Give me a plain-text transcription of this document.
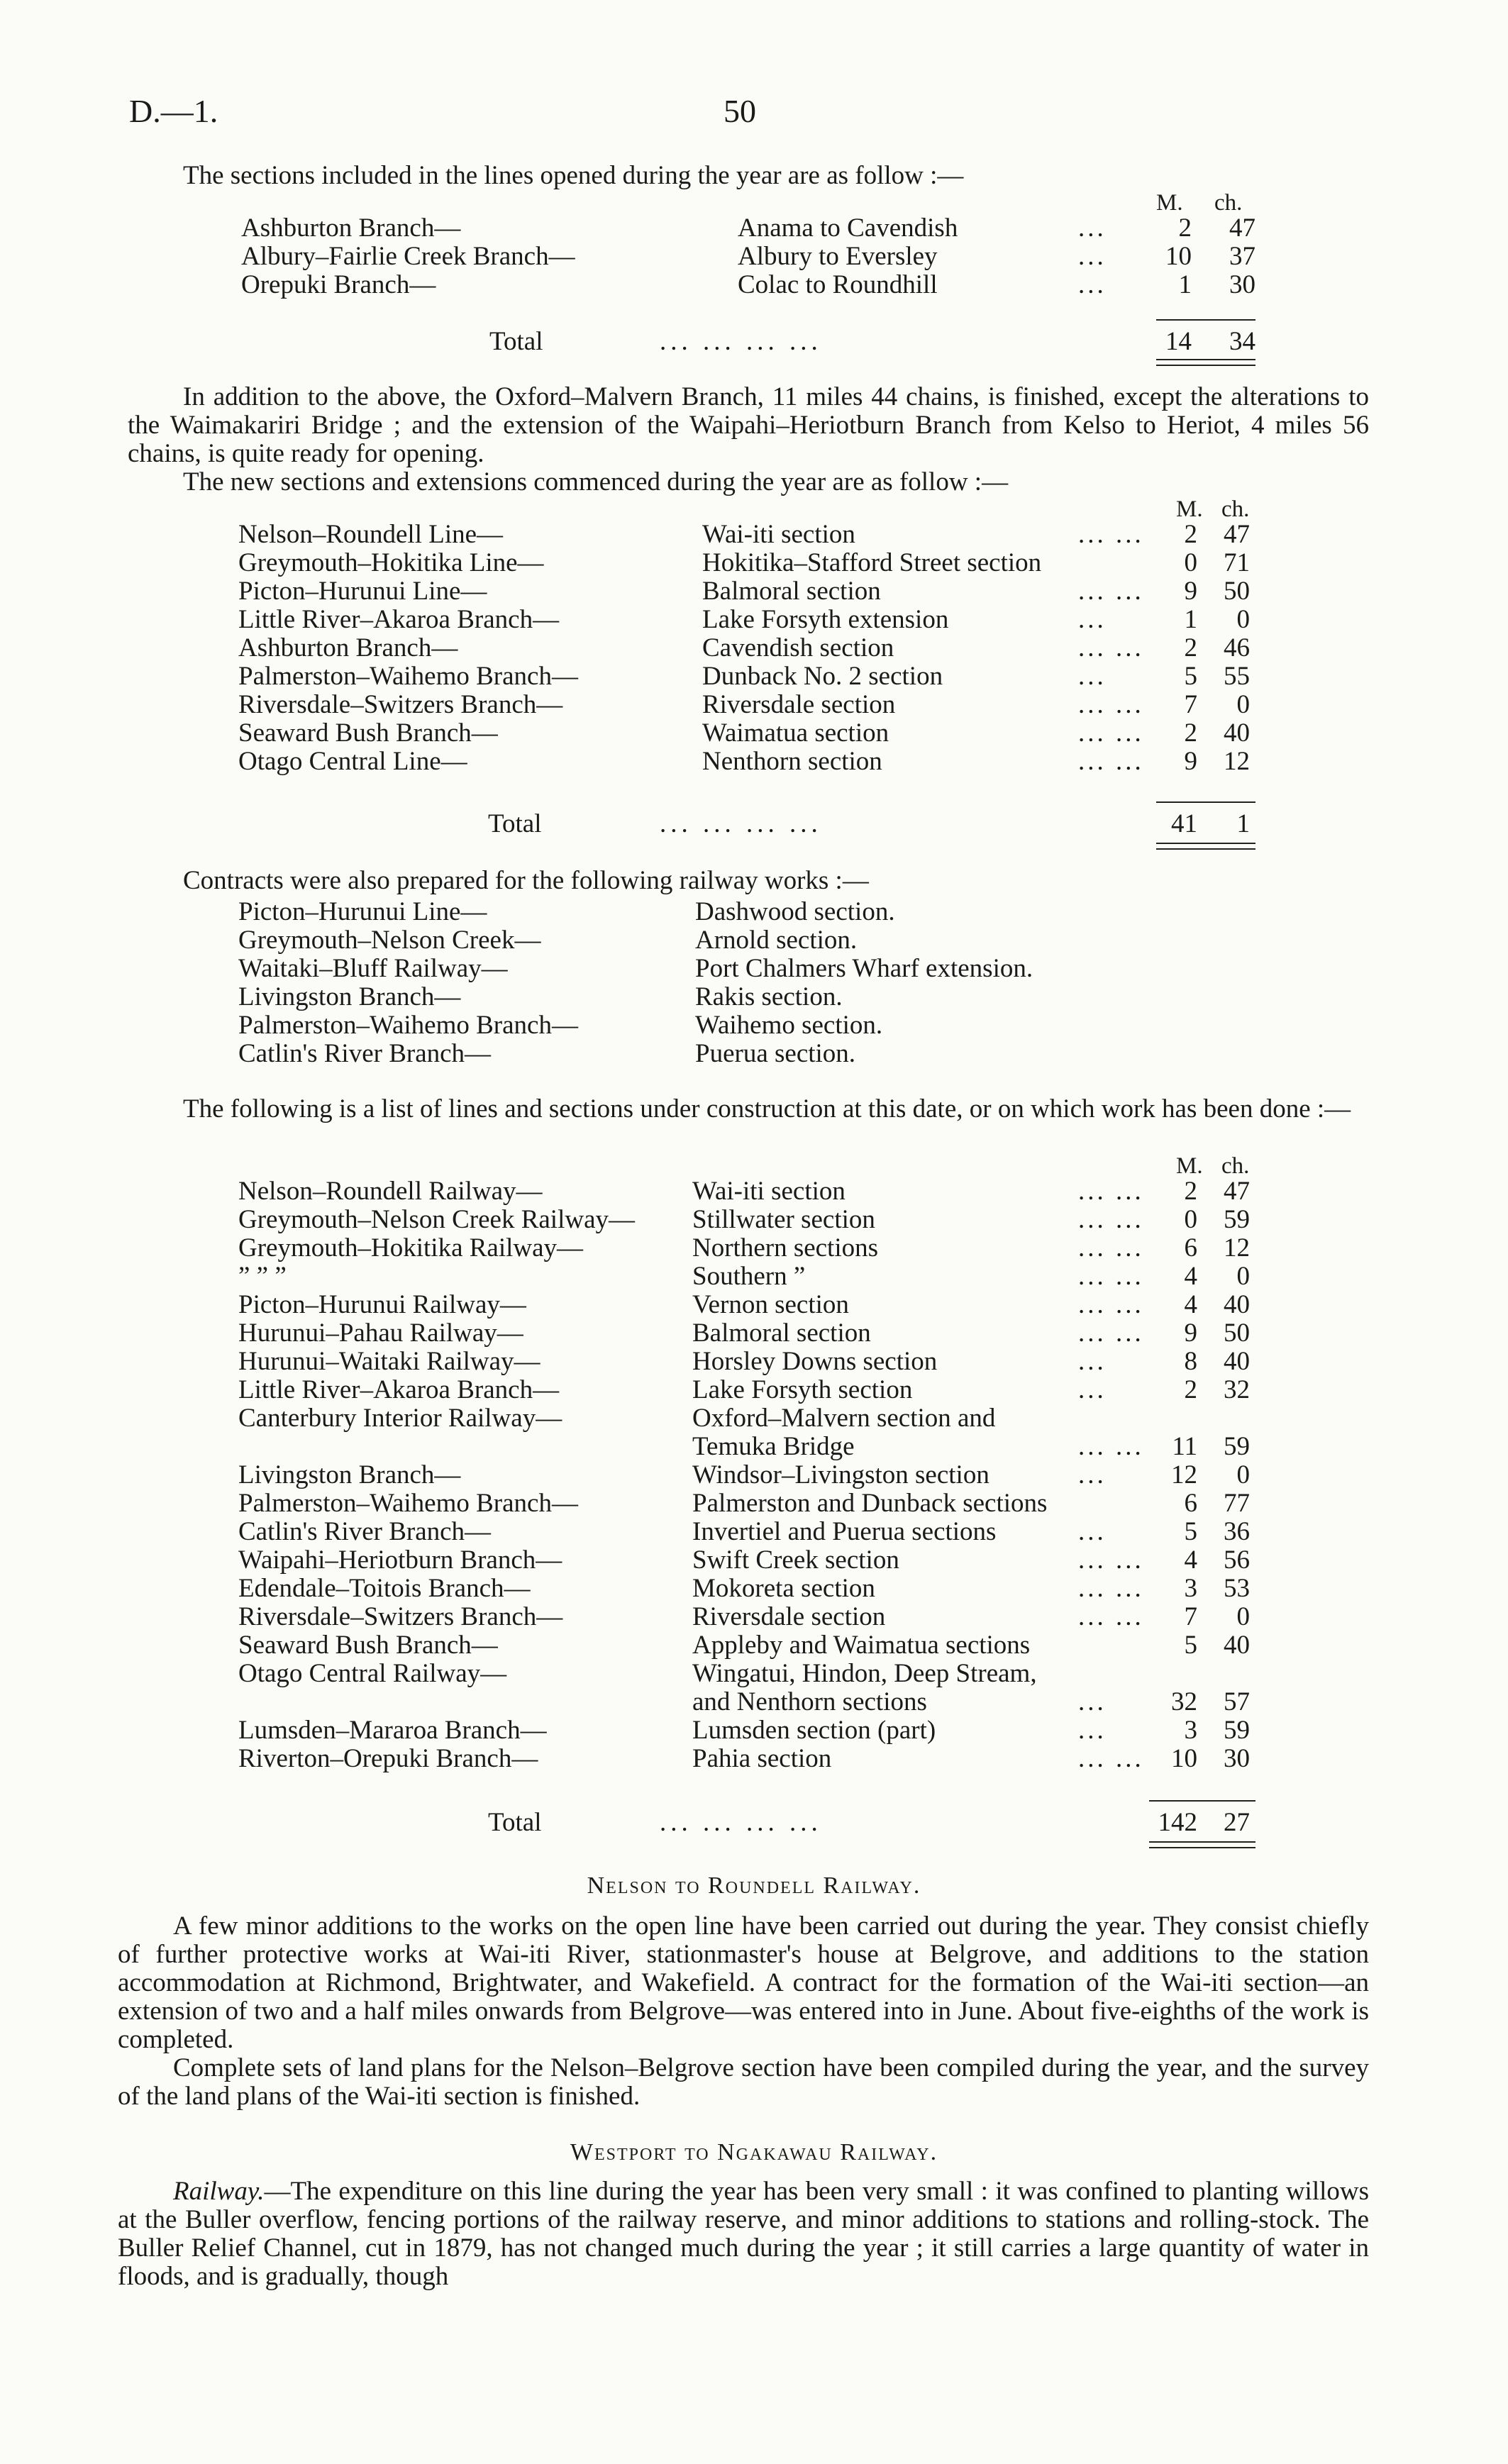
D.—1.	50

The sections included in the lines opened during the year are as follow :—

M. ch.
Ashburton Branch—	Anama to Cavendish	...	2	47
Albury–Fairlie Creek Branch—	Albury to Eversley	...	10	37
Orepuki Branch—	Colac to Roundhill	...	1	30
Total	... ... ... ...	14	34

In addition to the above, the Oxford–Malvern Branch, 11 miles 44 chains, is finished, except the alterations to the Waimakariri Bridge ; and the extension of the Waipahi–Heriotburn Branch from Kelso to Heriot, 4 miles 56 chains, is quite ready for opening.

The new sections and extensions commenced during the year are as follow :—

M. ch.
Nelson–Roundell Line—	Wai-iti section	... ...	2	47
Greymouth–Hokitika Line—	Hokitika–Stafford Street section	0	71
Picton–Hurunui Line—	Balmoral section	... ...	9	50
Little River–Akaroa Branch—	Lake Forsyth extension	...	1	0
Ashburton Branch—	Cavendish section	... ...	2	46
Palmerston–Waihemo Branch—	Dunback No. 2 section	...	5	55
Riversdale–Switzers Branch—	Riversdale section	... ...	7	0
Seaward Bush Branch—	Waimatua section	... ...	2	40
Otago Central Line—	Nenthorn section	... ...	9	12
Total	... ... ... ...	41	1

Contracts were also prepared for the following railway works :—

Picton–Hurunui Line—	Dashwood section.
Greymouth–Nelson Creek—	Arnold section.
Waitaki–Bluff Railway—	Port Chalmers Wharf extension.
Livingston Branch—	Rakis section.
Palmerston–Waihemo Branch—	Waihemo section.
Catlin's River Branch—	Puerua section.

The following is a list of lines and sections under construction at this date, or on which work has been done :—

M. ch.
Nelson–Roundell Railway—	Wai-iti section	... ...	2	47
Greymouth–Nelson Creek Railway— Stillwater section	... ...	0	59
Greymouth–Hokitika Railway—	Northern sections	... ...	6	12
” ” ”	Southern ”	... ...	4	0
Picton–Hurunui Railway—	Vernon section	... ...	4	40
Hurunui–Pahau Railway—	Balmoral section	... ...	9	50
Hurunui–Waitaki Railway—	Horsley Downs section	...	8	40
Little River–Akaroa Branch—	Lake Forsyth section	...	2	32
Canterbury Interior Railway—	Oxford–Malvern section and
Temuka Bridge	... ...	11	59
Livingston Branch—	Windsor–Livingston section	...	12	0
Palmerston–Waihemo Branch—	Palmerston and Dunback sections	6	77
Catlin's River Branch—	Invertiel and Puerua sections	...	5	36
Waipahi–Heriotburn Branch—	Swift Creek section	... ...	4	56
Edendale–Toitois Branch—	Mokoreta section	... ...	3	53
Riversdale–Switzers Branch—	Riversdale section	... ...	7	0
Seaward Bush Branch—	Appleby and Waimatua sections	5	40
Otago Central Railway—	Wingatui, Hindon, Deep Stream,
and Nenthorn sections	...	32	57
Lumsden–Mararoa Branch—	Lumsden section (part)	...	3	59
Riverton–Orepuki Branch—	Pahia section	... ...	10	30
Total	... ... ... ...	142	27
Nelson to Roundell Railway.

A few minor additions to the works on the open line have been carried out during the year. They consist chiefly of further protective works at Wai-iti River, stationmaster's house at Belgrove, and additions to the station accommodation at Richmond, Brightwater, and Wakefield. A contract for the formation of the Wai-iti section—an extension of two and a half miles onwards from Belgrove—was entered into in June. About five-eighths of the work is completed.

Complete sets of land plans for the Nelson–Belgrove section have been compiled during the year, and the survey of the land plans of the Wai-iti section is finished.

Westport to Ngakawau Railway.

Railway.—The expenditure on this line during the year has been very small : it was confined to planting willows at the Buller overflow, fencing portions of the railway reserve, and minor additions to stations and rolling-stock. The Buller Relief Channel, cut in 1879, has not changed much during the year ; it still carries a large quantity of water in floods, and is gradually, though
